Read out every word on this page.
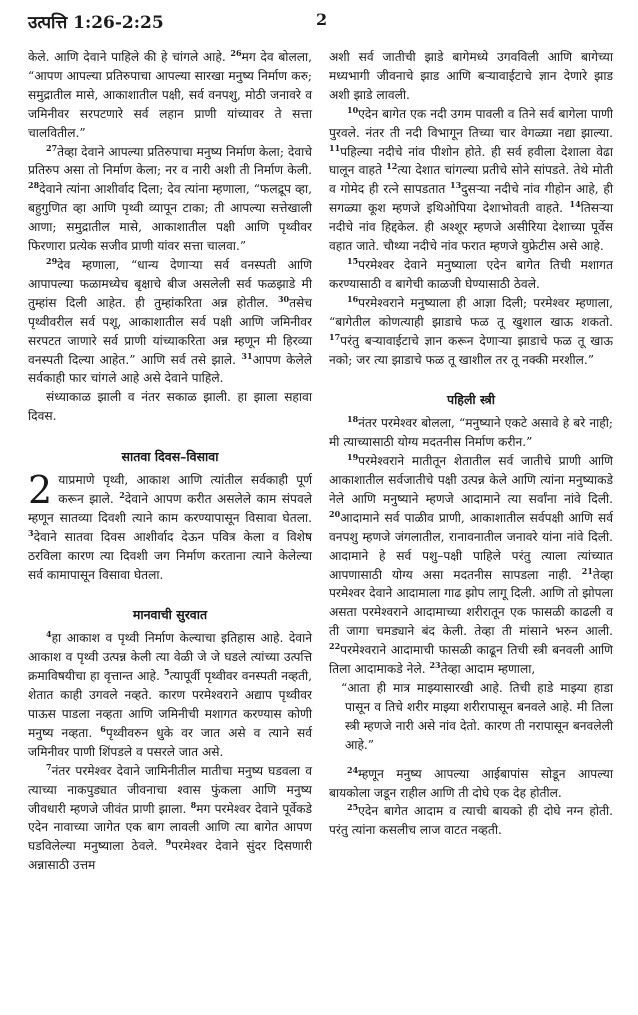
उत्पत्ति 1:26-2:25	2

केले. आणि देवाने पाहिले की हे चांगले आहे. $^{26}$मग देव बोलला, “आपण आपल्या प्रतिरुपाचा आपल्या सारखा मनुष्य निर्माण करु; समुद्रातील मासे, आकाशातील पक्षी, सर्व वनपशु, मोठी जनावरे व जमिनीवर सरपटणारे सर्व लहान प्राणी यांच्यावर ते सत्ता चालवितील.”

$^{27}$तेव्हा देवाने आपल्या प्रतिरुपाचा मनुष्य निर्माण केला; देवाचे प्रतिरुप असा तो निर्माण केला; नर व नारी अशी ती निर्माण केली. $^{28}$देवाने त्यांना आशीर्वाद दिला; देव त्यांना म्हणाला, “फलद्रूप व्हा, बहुगुणित व्हा आणि पृथ्वी व्यापून टाका; ती आपल्या सत्तेखाली आणा; समुद्रातील मासे, आकाशातील पक्षी आणि पृथ्वीवर फिरणारा प्रत्येक सजीव प्राणी यांवर सत्ता चालवा.”

$^{29}$देव म्हणाला, “धान्य देणाऱ्या सर्व वनस्पती आणि आपापल्या फळामध्येच बृक्षाचे बीज असलेली सर्व फळझाडे मी तुम्हांस दिली आहेत. ही तुम्हांकरिता अन्न होतील. $^{30}$तसेच पृथ्वीवरील सर्व पशू, आकाशातील सर्व पक्षी आणि जमिनीवर सरपटत जाणारे सर्व प्राणी यांच्याकरिता अन्न म्हणून मी हिरव्या वनस्पती दिल्या आहेत.” आणि सर्व तसे झाले. $^{31}$आपण केलेले सर्वकाही फार चांगले आहे असे देवाने पाहिले.

संध्याकाळ झाली व नंतर सकाळ झाली. हा झाला सहावा दिवस.

सातवा दिवस–विसावा

2 याप्रमाणे पृथ्वी, आकाश आणि त्यांतील सर्वकाही पूर्ण करून झाले. $^2$देवाने आपण करीत असलेले काम संपवले म्हणून सातव्या दिवशी त्याने काम करण्यापासून विसावा घेतला. $^3$देवाने सातवा दिवस आशीर्वाद देऊन पवित्र केला व विशेष ठरविला कारण त्या दिवशी जग निर्माण करताना त्याने केलेल्या सर्व कामापासून विसावा घेतला.

मानवाची सुरवात

$^4$हा आकाश व पृथ्वी निर्माण केल्याचा इतिहास आहे. देवाने आकाश व पृथ्वी उत्पन्न केली त्या वेळी जे जे घडले त्यांच्या उत्पत्ति क्रमाविषयीचा हा वृत्तान्त आहे. $^5$त्यापूर्वी पृथ्वीवर वनस्पती नव्हती, शेतात काही उगवले नव्हते. कारण परमेश्वराने अद्याप पृथ्वीवर पाऊस पाडला नव्हता आणि जमिनीची मशागत करण्यास कोणी मनुष्य नव्हता. $^6$पृथ्वीवरुन धुके वर जात असे व त्याने सर्व जमिनीवर पाणी शिंपडले व पसरले जात असे.

$^7$नंतर परमेश्वर देवाने जामिनीतील मातीचा मनुष्य घडवला व त्याच्या नाकपुड्यात जीवनाचा श्वास फुंकला आणि मनुष्य जीवधारी म्हणजे जीवंत प्राणी झाला. $^8$मग परमेश्वर देवाने पूर्वेकडे एदेन नावाच्या जागेत एक बाग लावली आणि त्या बागेत आपण घडविलेल्या मनुष्याला ठेवले. $^9$परमेश्वर देवाने सुंदर दिसणारी अन्नासाठी उत्तम

अशी सर्व जातीची झाडे बागेमध्ये उगवविली आणि बागेच्या मध्यभागी जीवनाचे झाड आणि बऱ्यावाईटाचे ज्ञान देणारे झाड अशी झाडे लावली.

$^{10}$एदेन बागेत एक नदी उगम पावली व तिने सर्व बागेला पाणी पुरवले. नंतर ती नदी विभागून तिच्या चार वेगळ्या नद्या झाल्या. $^{11}$पहिल्या नदीचे नांव पीशोन होते. ही सर्व हवीला देशाला वेढा घालून वाहते $^{12}$त्या देशात चांगल्या प्रतीचे सोने सांपडते. तेथे मोती व गोमेद ही रत्ने सापडतात $^{13}$दुसऱ्या नदीचे नांव गीहोन आहे, ही सगळ्या कूश म्हणजे इथिओपिया देशाभोवती वाहते. $^{14}$तिसऱ्या नदीचे नांव हिद्दकेल. ही अश्शूर म्हणजे असीरिया देशाच्या पूर्वेस वहात जाते. चौथ्या नदीचे नांव फरात म्हणजे युफ्रेटीस असे आहे.

$^{15}$परमेश्वर देवाने मनुष्याला एदेन बागेत तिची मशागत करण्यासाठी व बागेची काळजी घेण्यासाठी ठेवले.

$^{16}$परमेश्वराने मनुष्याला ही आज्ञा दिली; परमेश्वर म्हणाला, “बागेतील कोणत्याही झाडाचे फळ तू खुशाल खाऊ शकतो. $^{17}$परंतु बऱ्यावाईटाचे ज्ञान करून देणाऱ्या झाडाचे फळ तू खाऊ नको; जर त्या झाडाचे फळ तू खाशील तर तू नक्की मरशील.”

पहिली स्त्री

$^{18}$नंतर परमेश्वर बोलला, “मनुष्याने एकटे असावे हे बरे नाही; मी त्याच्यासाठी योग्य मदतनीस निर्माण करीन.”

$^{19}$परमेश्वराने मातीतून शेतातील सर्व जातीचे प्राणी आणि आकाशातील सर्वजातीचे पक्षी उत्पन्न केले आणि त्यांना मनुष्याकडे नेले आणि मनुष्याने म्हणजे आदामाने त्या सर्वांना नांवे दिली. $^{20}$आदामाने सर्व पाळीव प्राणी, आकाशातील सर्वपक्षी आणि सर्व वनपशु म्हणजे जंगलातील, रानावनातील जनावरे यांना नांवे दिली. आदामाने हे सर्व पशु–पक्षी पाहिले परंतु त्याला त्यांच्यात आपणासाठी योग्य असा मदतनीस सापडला नाही. $^{21}$तेव्हा परमेश्वर देवाने आदामाला गाढ झोप लागू दिली. आणि तो झोपला असता परमेश्वराने आदामाच्या शरीरातून एक फासळी काढली व ती जागा चमड्याने बंद केली. तेव्हा ती मांसाने भरुन आली. $^{22}$परमेश्वराने आदामाची फासळी काढून तिची स्त्री बनवली आणि तिला आदामाकडे नेले. $^{23}$तेव्हा आदाम म्हणाला,

“आता ही मात्र माझ्यासारखी आहे. तिची हाडे माझ्या हाडा पासून व तिचे शरीर माझ्या शरीरापासून बनवले आहे. मी तिला स्त्री म्हणजे नारी असे नांव देतो. कारण ती नरापासून बनवलेली आहे.”

$^{24}$म्हणून मनुष्य आपल्या आईबापांस सोडून आपल्या बायकोला जडून राहील आणि ती दोघे एक देह होतील.

$^{25}$एदेन बागेत आदाम व त्याची बायको ही दोघे नग्न होती. परंतु त्यांना कसलीच लाज वाटत नव्हती.
